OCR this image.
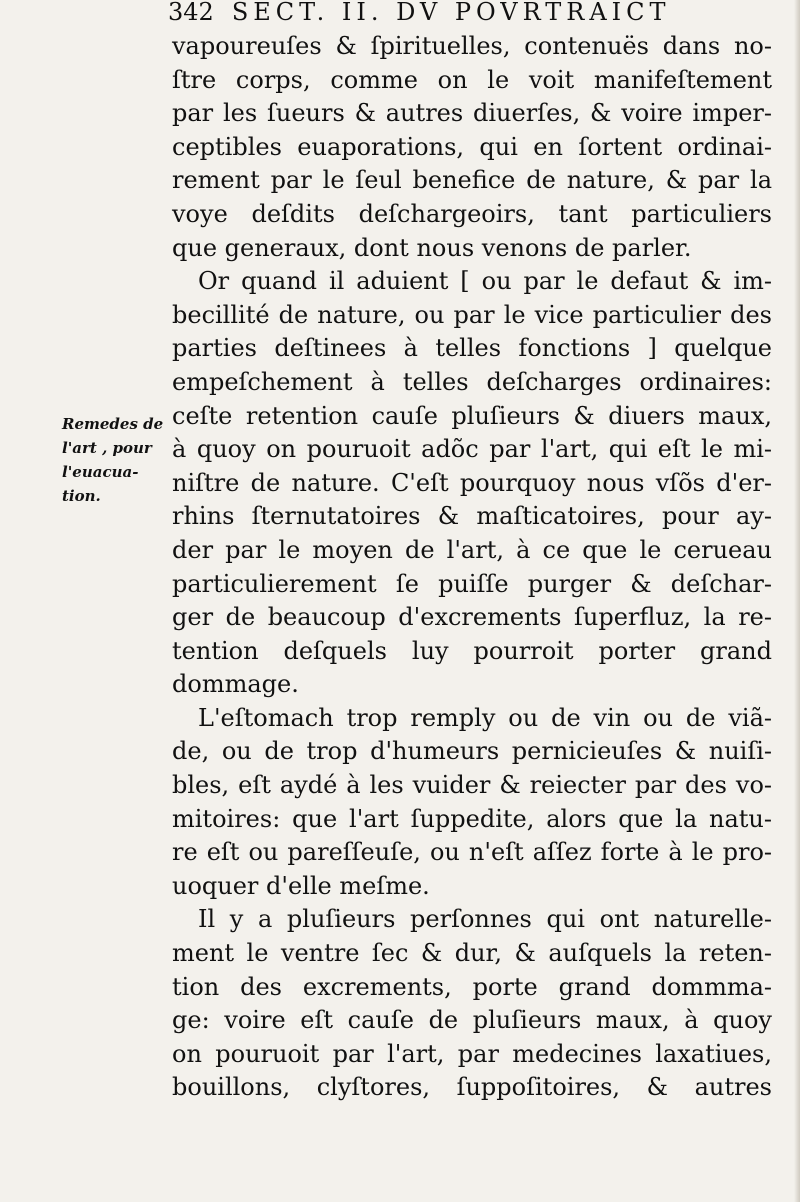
342 SECT. II. DV POVRTRAICT
Remedes de
l'art , pour
l'euacua-
tion.
vapoureuſes & ſpirituelles, contenuës dans no-
ſtre corps, comme on le voit manifeſtement
par les ſueurs & autres diuerſes, & voire imper-
ceptibles euaporations, qui en ſortent ordinai-
rement par le ſeul benefice de nature, & par la
voye deſdits deſchargeoirs, tant particuliers
que generaux, dont nous venons de parler.
Or quand il aduient [ ou par le defaut & im-
becillité de nature, ou par le vice particulier des
parties deſtinees à telles fonctions ] quelque
empeſchement à telles deſcharges ordinaires:
ceſte retention cauſe pluſieurs & diuers maux,
à quoy on pouruoit adõc par l'art, qui eſt le mi-
niſtre de nature. C'eſt pourquoy nous vſõs d'er-
rhins ſternutatoires & maſticatoires, pour ay-
der par le moyen de l'art, à ce que le cerueau
particulierement ſe puiſſe purger & deſchar-
ger de beaucoup d'excrements ſuperfluz, la re-
tention deſquels luy pourroit porter grand
dommage.
L'eſtomach trop remply ou de vin ou de viã-
de, ou de trop d'humeurs pernicieuſes & nuiſi-
bles, eſt aydé à les vuider & reiecter par des vo-
mitoires: que l'art ſuppedite, alors que la natu-
re eſt ou pareſſeuſe, ou n'eſt aſſez forte à le pro-
uoquer d'elle meſme.
Il y a pluſieurs perſonnes qui ont naturelle-
ment le ventre ſec & dur, & auſquels la reten-
tion des excrements, porte grand dommma-
ge: voire eſt cauſe de pluſieurs maux, à quoy
on pouruoit par l'art, par medecines laxatiues,
bouillons, clyſtores, ſuppoſitoires, & autres
